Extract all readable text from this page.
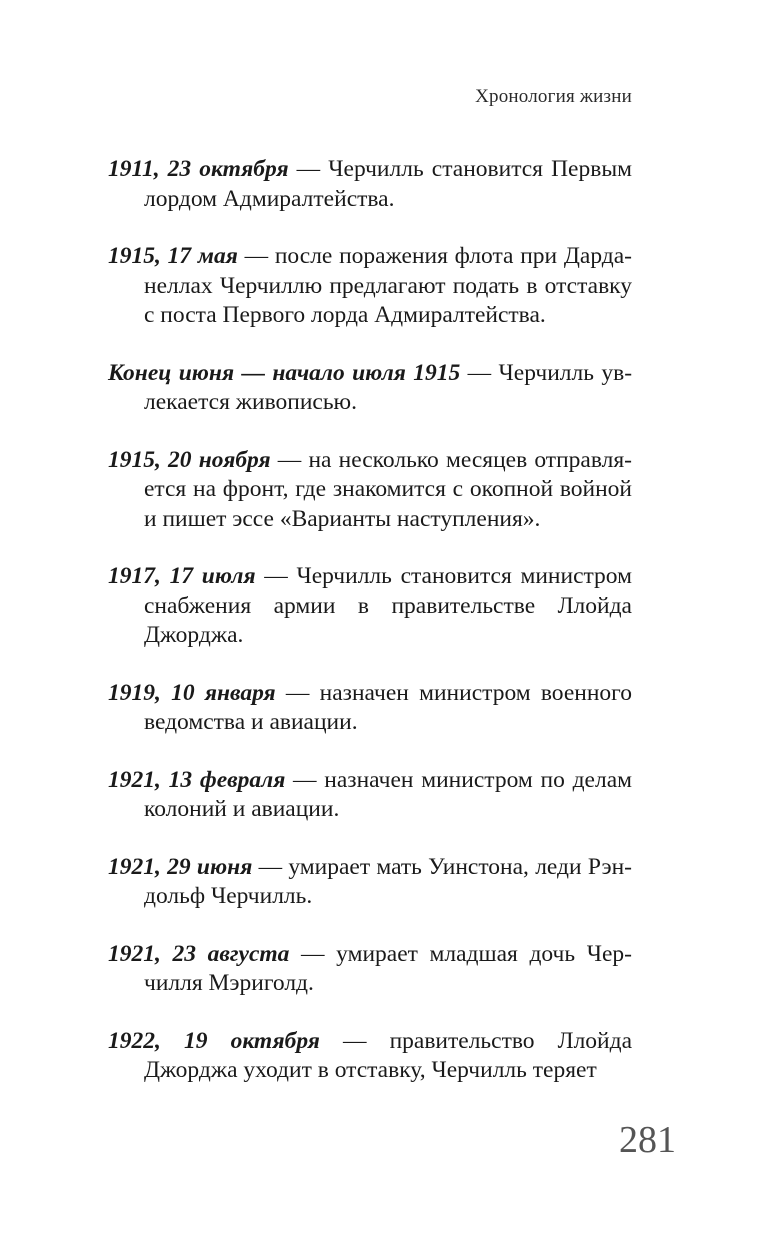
Хронология жизни

1911, 23 октября — Черчилль становится Первым лордом Адмиралтейства.

1915, 17 мая — после поражения флота при Дарданеллах Черчиллю предлагают подать в отставку с поста Первого лорда Адмиралтейства.

Конец июня — начало июля 1915 — Черчилль увлекается живописью.

1915, 20 ноября — на несколько месяцев отправляется на фронт, где знакомится с окопной войной и пишет эссе «Варианты наступления».

1917, 17 июля — Черчилль становится министром снабжения армии в правительстве Ллойда Джорджа.

1919, 10 января — назначен министром военного ведомства и авиации.

1921, 13 февраля — назначен министром по делам колоний и авиации.

1921, 29 июня — умирает мать Уинстона, леди Рэндольф Черчилль.

1921, 23 августа — умирает младшая дочь Черчилля Мэриголд.

1922, 19 октября — правительство Ллойда Джорджа уходит в отставку, Черчилль теряет

281
